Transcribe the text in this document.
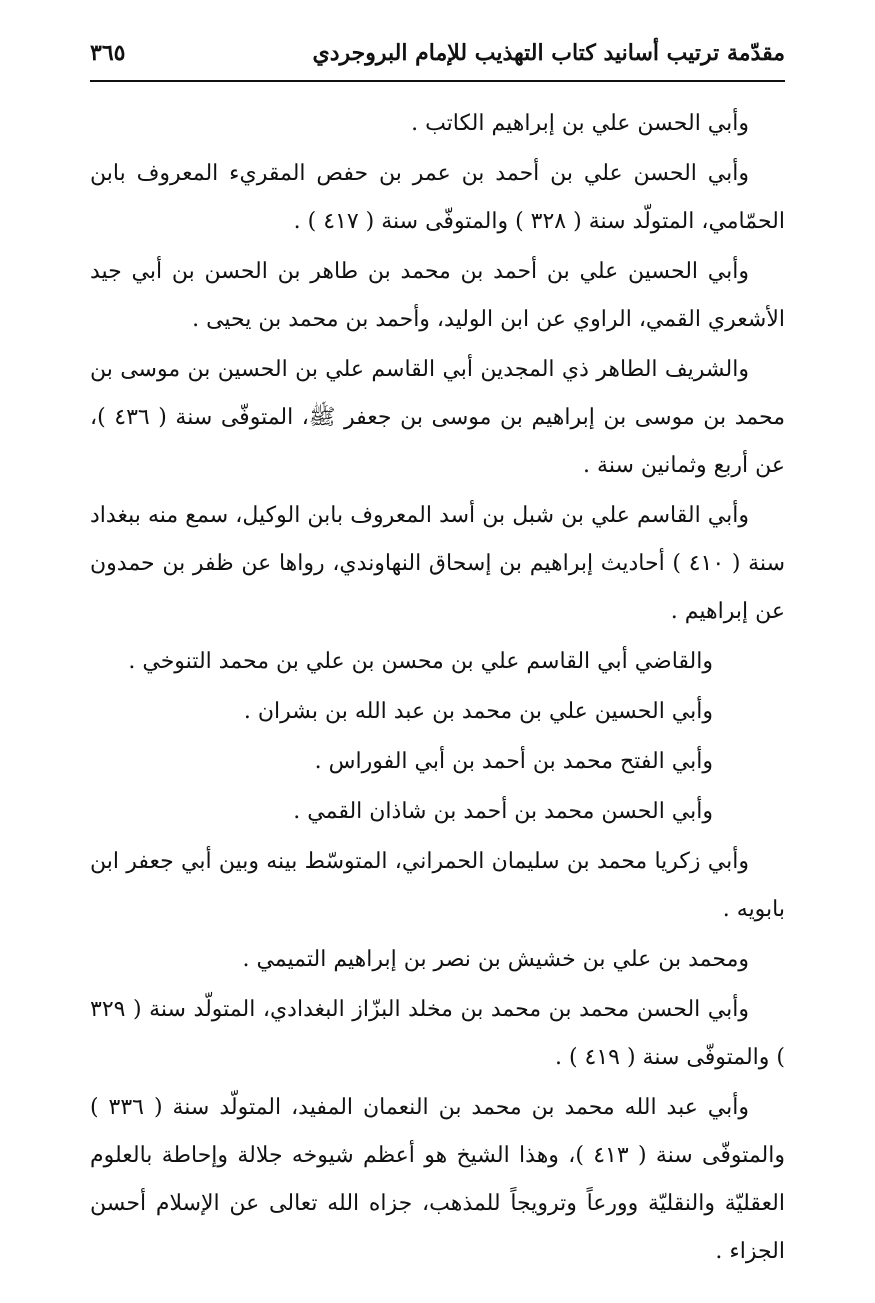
مقدّمة ترتيب أسانيد كتاب التهذيب للإمام البروجردي
٣٦٥

وأبي الحسن علي بن إبراهيم الكاتب .

وأبي الحسن علي بن أحمد بن عمر بن حفص المقريء المعروف بابن الحمّامي، المتولّد سنة ( ٣٢٨ ) والمتوفّى سنة ( ٤١٧ ) .

وأبي الحسين علي بن أحمد بن محمد بن طاهر بن الحسن بن أبي جيد الأشعري القمي، الراوي عن ابن الوليد، وأحمد بن محمد بن يحيى .

والشريف الطاهر ذي المجدين أبي القاسم علي بن الحسين بن موسى بن محمد بن موسى بن إبراهيم بن موسى بن جعفر ﷺ، المتوفّى سنة ( ٤٣٦ )، عن أربع وثمانين سنة .

وأبي القاسم علي بن شبل بن أسد المعروف بابن الوكيل، سمع منه ببغداد سنة ( ٤١٠ ) أحاديث إبراهيم بن إسحاق النهاوندي، رواها عن ظفر بن حمدون عن إبراهيم .

والقاضي أبي القاسم علي بن محسن بن علي بن محمد التنوخي .

وأبي الحسين علي بن محمد بن عبد الله بن بشران .

وأبي الفتح محمد بن أحمد بن أبي الفوراس .

وأبي الحسن محمد بن أحمد بن شاذان القمي .

وأبي زكريا محمد بن سليمان الحمراني، المتوسّط بينه وبين أبي جعفر ابن بابويه .

ومحمد بن علي بن خشيش بن نصر بن إبراهيم التميمي .

وأبي الحسن محمد بن محمد بن مخلد البزّاز البغدادي، المتولّد سنة ( ٣٢٩ ) والمتوفّى سنة ( ٤١٩ ) .

وأبي عبد الله محمد بن محمد بن النعمان المفيد، المتولّد سنة ( ٣٣٦ ) والمتوفّى سنة ( ٤١٣ )، وهذا الشيخ هو أعظم شيوخه جلالة وإحاطة بالعلوم العقليّة والنقليّة وورعاً وترويجاً للمذهب، جزاه الله تعالى عن الإسلام أحسن الجزاء .
